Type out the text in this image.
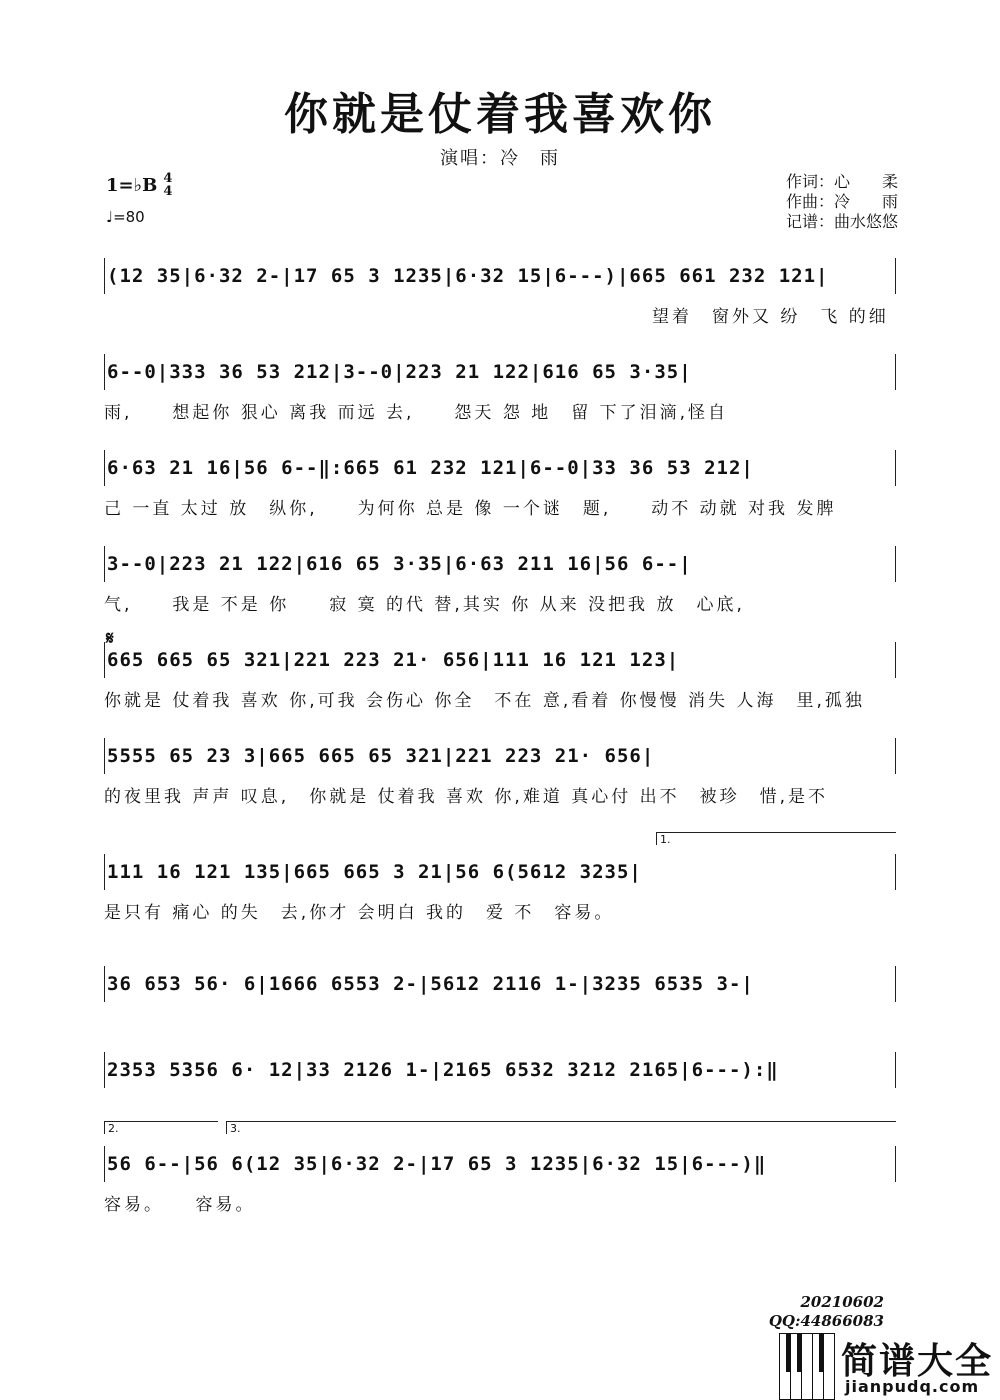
你就是仗着我喜欢你
演唱：冷　雨
1=♭B 4
4
♩=80
作词：心　　柔
作曲：冷　　雨
记谱：曲水悠悠
(12 35|6·32 2-|17 65 3 1235|6·32 15|6---)|665 661 232 121|
望着　窗外又 纷　飞 的细
6--0|333 36 53 212|3--0|223 21 122|616 65 3·35|
雨,　　想起你 狠心 离我 而远 去,　　怨天 怨 地　留 下了泪滴,怪自
6·63 21 16|56 6--‖:665 61 232 121|6--0|33 36 53 212|
己 一直 太过 放　纵你,　　为何你 总是 像 一个谜　题,　　动不 动就 对我 发脾
3--0|223 21 122|616 65 3·35|6·63 211 16|56 6--|
气,　　我是 不是 你　　寂 寞 的代 替,其实 你 从来 没把我 放　心底,
𝄋
665 665 65 321|221 223 21· 656|111 16 121 123|
你就是 仗着我 喜欢 你,可我 会伤心 你全　不在 意,看着 你慢慢 消失 人海　里,孤独
5555 65 23 3|665 665 65 321|221 223 21· 656|
的夜里我 声声 叹息,　你就是 仗着我 喜欢 你,难道 真心付 出不　被珍　惜,是不
1.
111 16 121 135|665 665 3 21|56 6(5612 3235|
是只有 痛心 的失　去,你才 会明白 我的　爱 不　容易。
36 653 56· 6|1666 6553 2-|5612 2116 1-|3235 6535 3-|
2353 5356 6· 12|33 2126 1-|2165 6532 3212 2165|6---):‖
2.	3.
56 6--|56 6(12 35|6·32 2-|17 65 3 1235|6·32 15|6---)‖
容易。　　容易。
20210602
QQ:44866083
简谱大全
jianpudq.com
